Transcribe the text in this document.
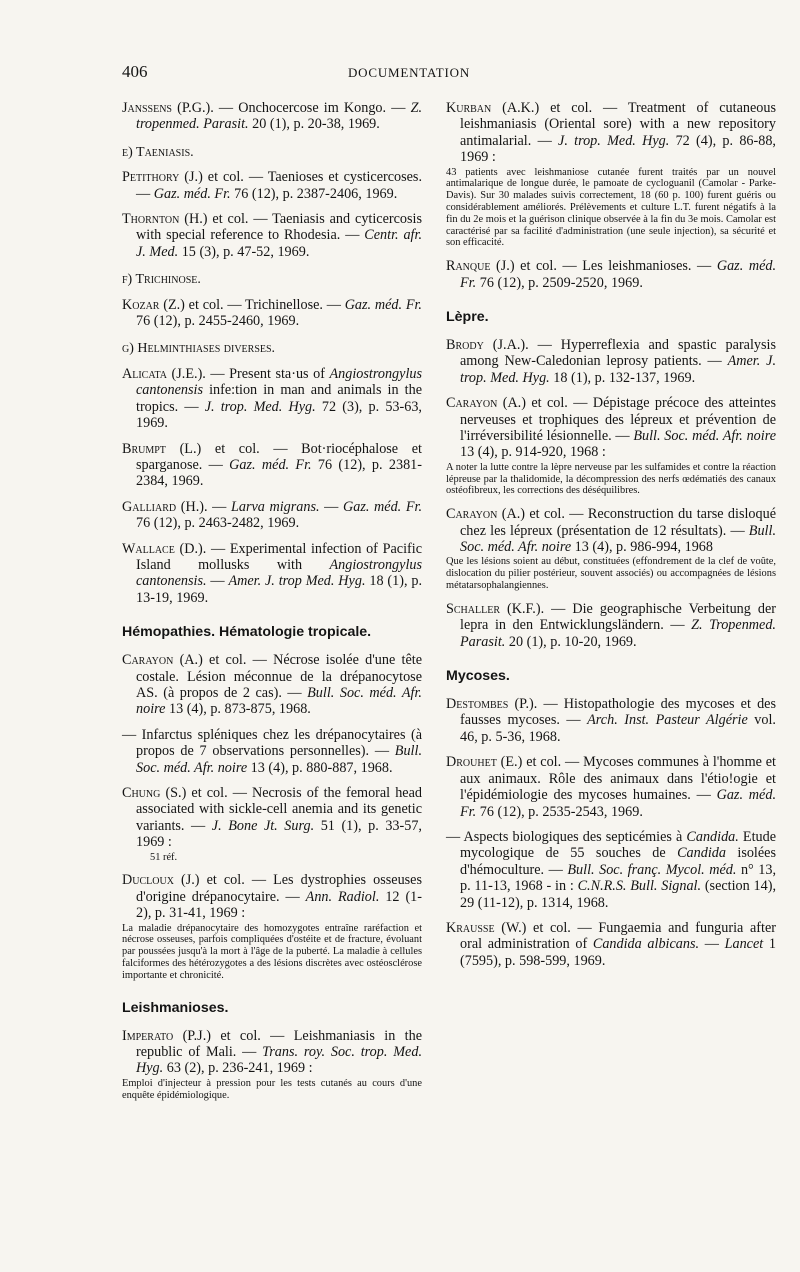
406	DOCUMENTATION

Janssens (P.G.). — Onchocercose im Kongo. — Z. tropenmed. Parasit. 20 (1), p. 20-38, 1969.

e) Taeniasis.

Petithory (J.) et col. — Taenioses et cysticercoses. — Gaz. méd. Fr. 76 (12), p. 2387-2406, 1969.

Thornton (H.) et col. — Taeniasis and cyticercosis with special reference to Rhodesia. — Centr. afr. J. Med. 15 (3), p. 47-52, 1969.

f) Trichinose.

Kozar (Z.) et col. — Trichinellose. — Gaz. méd. Fr. 76 (12), p. 2455-2460, 1969.

g) Helminthiases diverses.

Alicata (J.E.). — Present sta·us of Angiostrongylus cantonensis infe:tion in man and animals in the tropics. — J. trop. Med. Hyg. 72 (3), p. 53-63, 1969.

Brumpt (L.) et col. — Bot·riocéphalose et sparganose. — Gaz. méd. Fr. 76 (12), p. 2381-2384, 1969.

Galliard (H.). — Larva migrans. — Gaz. méd. Fr. 76 (12), p. 2463-2482, 1969.

Wallace (D.). — Experimental infection of Pacific Island mollusks with Angiostrongylus cantonensis. — Amer. J. trop Med. Hyg. 18 (1), p. 13-19, 1969.

Hémopathies. Hématologie tropicale.

Carayon (A.) et col. — Nécrose isolée d'une tête costale. Lésion méconnue de la drépanocytose AS. (à propos de 2 cas). — Bull. Soc. méd. Afr. noire 13 (4), p. 873-875, 1968.

— Infarctus spléniques chez les drépanocytaires (à propos de 7 observations personnelles). — Bull. Soc. méd. Afr. noire 13 (4), p. 880-887, 1968.

Chung (S.) et col. — Necrosis of the femoral head associated with sickle-cell anemia and its genetic variants. — J. Bone Jt. Surg. 51 (1), p. 33-57, 1969 :
51 réf.

Ducloux (J.) et col. — Les dystrophies osseuses d'origine drépanocytaire. — Ann. Radiol. 12 (1-2), p. 31-41, 1969 :

La maladie drépanocytaire des homozygotes entraîne raréfaction et nécrose osseuses, parfois compliquées d'ostéite et de fracture, évoluant par poussées jusqu'à la mort à l'âge de la puberté. La maladie à cellules falciformes des hétérozygotes a des lésions discrètes avec ostéosclérose importante et chronicité.

Leishmanioses.

Imperato (P.J.) et col. — Leishmaniasis in the republic of Mali. — Trans. roy. Soc. trop. Med. Hyg. 63 (2), p. 236-241, 1969 :

Emploi d'injecteur à pression pour les tests cutanés au cours d'une enquête épidémiologique.

Kurban (A.K.) et col. — Treatment of cutaneous leishmaniasis (Oriental sore) with a new repository antimalarial. — J. trop. Med. Hyg. 72 (4), p. 86-88, 1969 :

43 patients avec leishmaniose cutanée furent traités par un nouvel antimalarique de longue durée, le pamoate de cycloguanil (Camolar - Parke-Davis). Sur 30 malades suivis correctement, 18 (60 p. 100) furent guéris ou considérablement améliorés. Prélèvements et culture L.T. furent négatifs à la fin du 2e mois et la guérison clinique observée à la fin du 3e mois. Camolar est caractérisé par sa facilité d'administration (une seule injection), sa sécurité et son efficacité.

Ranque (J.) et col. — Les leishmanioses. — Gaz. méd. Fr. 76 (12), p. 2509-2520, 1969.

Lèpre.

Brody (J.A.). — Hyperreflexia and spastic paralysis among New-Caledonian leprosy patients. — Amer. J. trop. Med. Hyg. 18 (1), p. 132-137, 1969.

Carayon (A.) et col. — Dépistage précoce des atteintes nerveuses et trophiques des lépreux et prévention de l'irréversibilité lésionnelle. — Bull. Soc. méd. Afr. noire 13 (4), p. 914-920, 1968 :

A noter la lutte contre la lèpre nerveuse par les sulfamides et contre la réaction lépreuse par la thalidomide, la décompression des nerfs œdématiés des canaux ostéofibreux, les corrections des déséquilibres.

Carayon (A.) et col. — Reconstruction du tarse disloqué chez les lépreux (présentation de 12 résultats). — Bull. Soc. méd. Afr. noire 13 (4), p. 986-994, 1968

Que les lésions soient au début, constituées (effondrement de la clef de voûte, dislocation du pilier postérieur, souvent associés) ou accompagnées de lésions métatarsophalangiennes.

Schaller (K.F.). — Die geographische Verbeitung der lepra in den Entwicklungsländern. — Z. Tropenmed. Parasit. 20 (1), p. 10-20, 1969.

Mycoses.

Destombes (P.). — Histopathologie des mycoses et des fausses mycoses. — Arch. Inst. Pasteur Algérie vol. 46, p. 5-36, 1968.

Drouhet (E.) et col. — Mycoses communes à l'homme et aux animaux. Rôle des animaux dans l'étio!ogie et l'épidémiologie des mycoses humaines. — Gaz. méd. Fr. 76 (12), p. 2535-2543, 1969.

— Aspects biologiques des septicémies à Candida. Etude mycologique de 55 souches de Candida isolées d'hémoculture. — Bull. Soc. franç. Mycol. méd. n° 13, p. 11-13, 1968 - in : C.N.R.S. Bull. Signal. (section 14), 29 (11-12), p. 1314, 1968.

Krausse (W.) et col. — Fungaemia and funguria after oral administration of Candida albicans. — Lancet 1 (7595), p. 598-599, 1969.
